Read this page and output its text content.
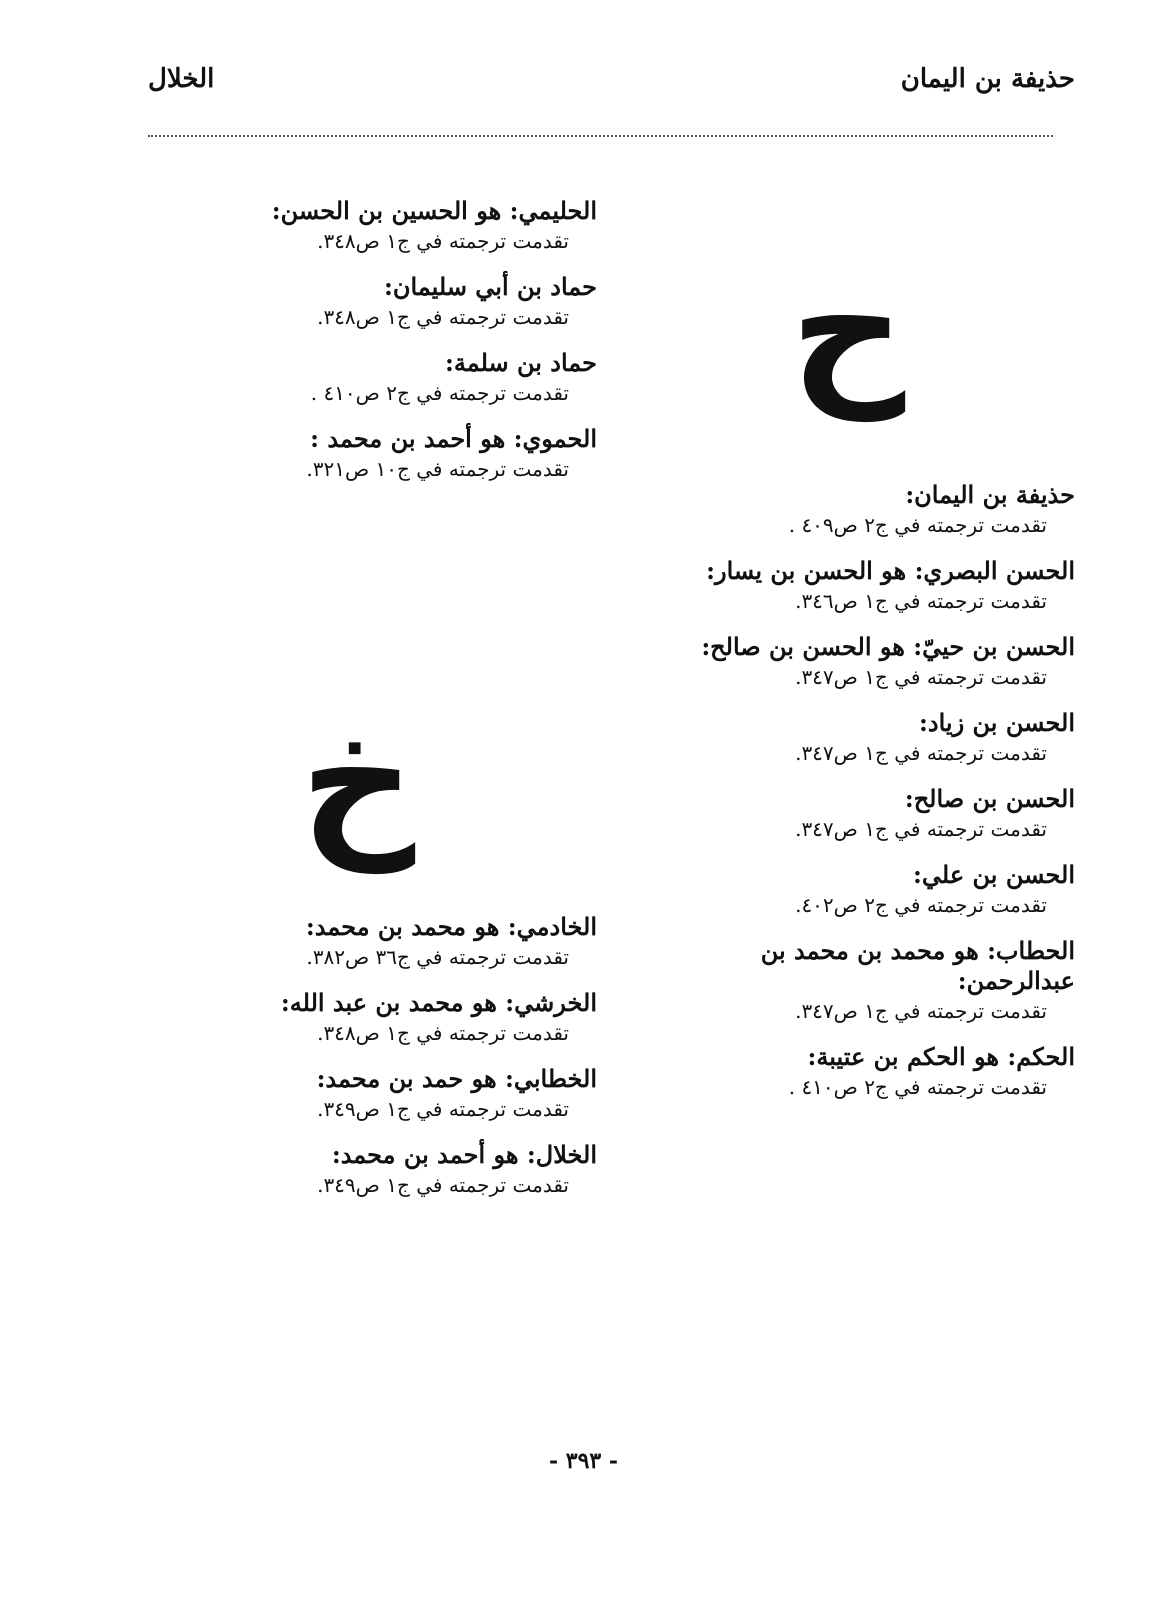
حذيفة بن اليمان
الخلال
ح
خ

حذيفة بن اليمان:

تقدمت ترجمته في ج٢ ص٤٠٩ .

الحسن البصري: هو الحسن بن يسار:

تقدمت ترجمته في ج١ ص٣٤٦.

الحسن بن حييّ: هو الحسن بن صالح:

تقدمت ترجمته في ج١ ص٣٤٧.

الحسن بن زياد:

تقدمت ترجمته في ج١ ص٣٤٧.

الحسن بن صالح:

تقدمت ترجمته في ج١ ص٣٤٧.

الحسن بن علي:

تقدمت ترجمته في ج٢ ص٤٠٢.

الحطاب: هو محمد بن محمد بن

عبدالرحمن:

تقدمت ترجمته في ج١ ص٣٤٧.

الحكم: هو الحكم بن عتيبة:

تقدمت ترجمته في ج٢ ص٤١٠ .

الحليمي: هو الحسين بن الحسن:

تقدمت ترجمته في ج١ ص٣٤٨.

حماد بن أبي سليمان:

تقدمت ترجمته في ج١ ص٣٤٨.

حماد بن سلمة:

تقدمت ترجمته في ج٢ ص٤١٠ .

الحموي: هو أحمد بن محمد :

تقدمت ترجمته في ج١٠ ص٣٢١.

الخادمي: هو محمد بن محمد:

تقدمت ترجمته في ج٣٦ ص٣٨٢.

الخرشي: هو محمد بن عبد الله:

تقدمت ترجمته في ج١ ص٣٤٨.

الخطابي: هو حمد بن محمد:

تقدمت ترجمته في ج١ ص٣٤٩.

الخلال: هو أحمد بن محمد:

تقدمت ترجمته في ج١ ص٣٤٩.
- ٣٩٣ -
